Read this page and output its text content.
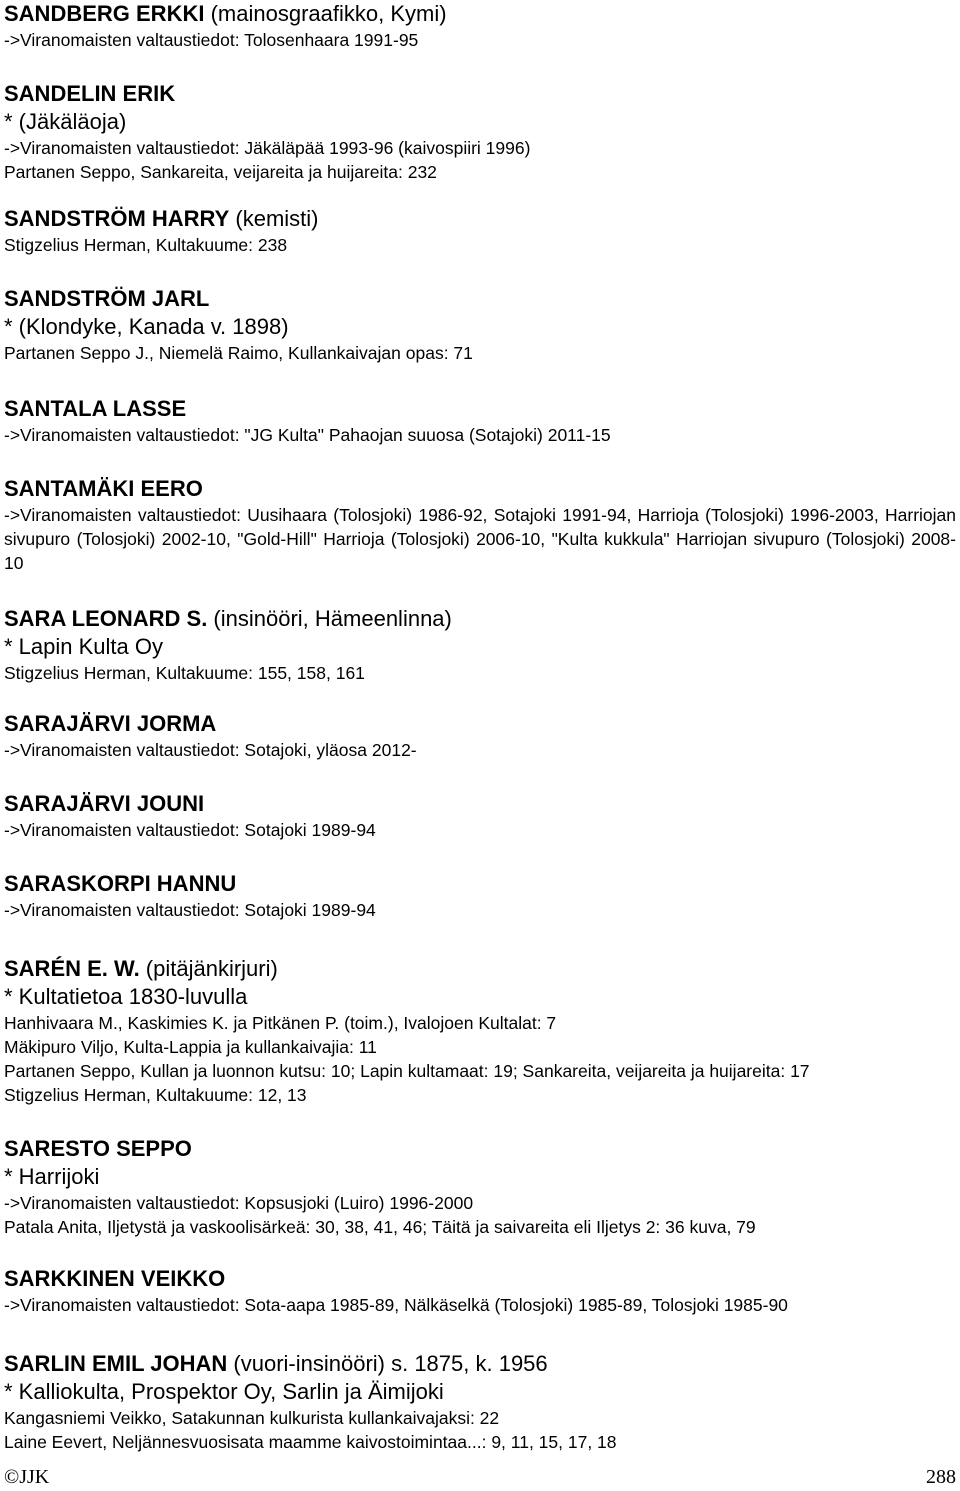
SANDBERG ERKKI (mainosgraafikko, Kymi)
->Viranomaisten valtaustiedot: Tolosenhaara 1991-95
SANDELIN ERIK
* (Jäkäläoja)
->Viranomaisten valtaustiedot: Jäkäläpää 1993-96 (kaivospiiri 1996)
Partanen Seppo, Sankareita, veijareita ja huijareita: 232
SANDSTRÖM HARRY (kemisti)
Stigzelius Herman, Kultakuume: 238
SANDSTRÖM JARL
* (Klondyke, Kanada v. 1898)
Partanen Seppo J., Niemelä Raimo, Kullankaivajan opas: 71
SANTALA LASSE
->Viranomaisten valtaustiedot: "JG Kulta" Pahaojan suuosa (Sotajoki) 2011-15
SANTAMÄKI EERO
->Viranomaisten valtaustiedot: Uusihaara (Tolosjoki) 1986-92, Sotajoki 1991-94, Harrioja (Tolosjoki) 1996-2003, Harriojan sivupuro (Tolosjoki) 2002-10, "Gold-Hill" Harrioja (Tolosjoki) 2006-10, "Kulta kukkula" Harriojan sivupuro (Tolosjoki) 2008-10
SARA LEONARD S. (insinööri, Hämeenlinna)
* Lapin Kulta Oy
Stigzelius Herman, Kultakuume: 155, 158, 161
SARAJÄRVI JORMA
->Viranomaisten valtaustiedot: Sotajoki, yläosa 2012-
SARAJÄRVI JOUNI
->Viranomaisten valtaustiedot: Sotajoki 1989-94
SARASKORPI HANNU
->Viranomaisten valtaustiedot: Sotajoki 1989-94
SARÉN E. W. (pitäjänkirjuri)
* Kultatietoa 1830-luvulla
Hanhivaara M., Kaskimies K. ja Pitkänen P. (toim.), Ivalojoen Kultalat: 7
Mäkipuro Viljo, Kulta-Lappia ja kullankaivajia: 11
Partanen Seppo, Kullan ja luonnon kutsu: 10; Lapin kultamaat: 19; Sankareita, veijareita ja huijareita: 17
Stigzelius Herman, Kultakuume: 12, 13
SARESTO SEPPO
* Harrijoki
->Viranomaisten valtaustiedot: Kopsusjoki (Luiro) 1996-2000
Patala Anita, Iljetystä ja vaskoolisärkeä: 30, 38, 41, 46; Täitä ja saivareita eli Iljetys 2: 36 kuva, 79
SARKKINEN VEIKKO
->Viranomaisten valtaustiedot: Sota-aapa 1985-89, Nälkäselkä (Tolosjoki) 1985-89, Tolosjoki 1985-90
SARLIN EMIL JOHAN (vuori-insinööri) s. 1875, k. 1956
* Kalliokulta, Prospektor Oy, Sarlin ja Äimijoki
Kangasniemi Veikko, Satakunnan kulkurista kullankaivajaksi: 22
Laine Eevert, Neljännesvuosisata maamme kaivostoimintaa...: 9, 11, 15, 17, 18
©JJK	288
